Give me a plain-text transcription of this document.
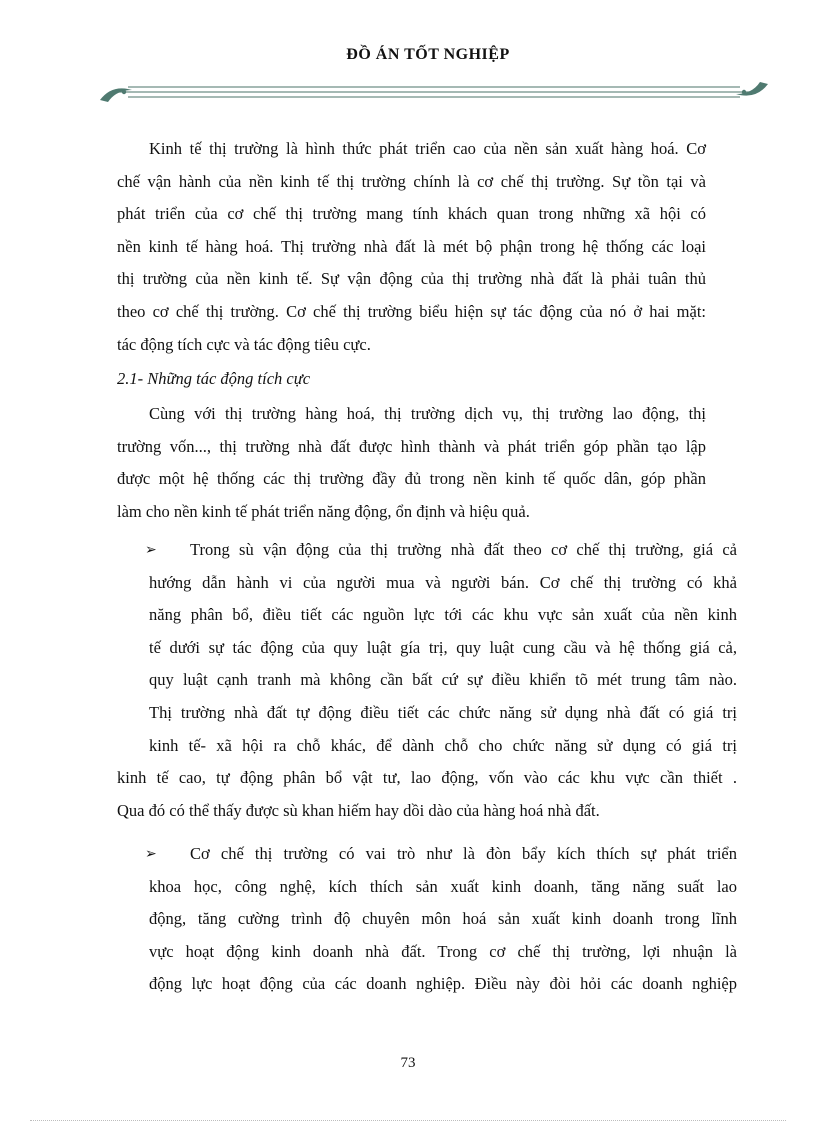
ĐỒ ÁN TỐT NGHIỆP
Kinh tế thị trường là hình thức phát triển cao của nền sản xuất hàng hoá. Cơ
chế vận hành của nền kinh tế thị trường chính là cơ chế thị trường. Sự tồn tại và
phát triển của cơ chế thị trường mang tính khách quan trong những xã hội có
nền kinh tế hàng hoá. Thị trường nhà đất là mét bộ phận trong hệ thống các loại
thị trường của nền kinh tế. Sự vận động của thị trường nhà đất là phải tuân thủ
theo cơ chế thị trường. Cơ chế thị trường biểu hiện sự tác động của nó ở hai mặt:
tác động tích cực và tác động tiêu cực.
2.1- Những tác động tích cực
Cùng với thị trường hàng hoá, thị trường dịch vụ, thị trường lao động, thị
trường vốn..., thị trường nhà đất được hình thành và phát triển góp phần tạo lập
được một hệ thống các thị trường đầy đủ trong nền kinh tế quốc dân, góp phần
làm cho nền kinh tế phát triển năng động, ổn định và hiệu quả.
➢	Trong sù vận động của thị trường nhà đất theo cơ chế thị trường, giá cả
hướng dẫn hành vi của người mua và người bán. Cơ chế thị trường có khả
năng phân bổ, điều tiết các nguồn lực tới các khu vực sản xuất của nền kinh
tế dưới sự tác động của quy luật gía trị, quy luật cung cầu và hệ thống giá cả,
quy luật cạnh tranh mà không cần bất cứ sự điều khiển tõ mét trung tâm nào.
Thị trường nhà đất tự động điều tiết các chức năng sử dụng nhà đất có giá trị
kinh tế- xã hội ra chỗ khác, để dành chỗ cho chức năng sử dụng có giá trị
kinh tế cao, tự động phân bổ vật tư, lao động, vốn vào các khu vực cần thiết .
Qua đó có thể thấy được sù khan hiếm hay dồi dào của hàng hoá nhà đất.
➢	Cơ chế thị trường có vai trò như là đòn bẩy kích thích sự phát triển
khoa học, công nghệ, kích thích sản xuất kinh doanh, tăng năng suất lao
động, tăng cường trình độ chuyên môn hoá sản xuất kinh doanh trong lĩnh
vực hoạt động kinh doanh nhà đất. Trong cơ chế thị trường, lợi nhuận là
động lực hoạt động của các doanh nghiệp. Điều này đòi hỏi các doanh nghiệp
73
